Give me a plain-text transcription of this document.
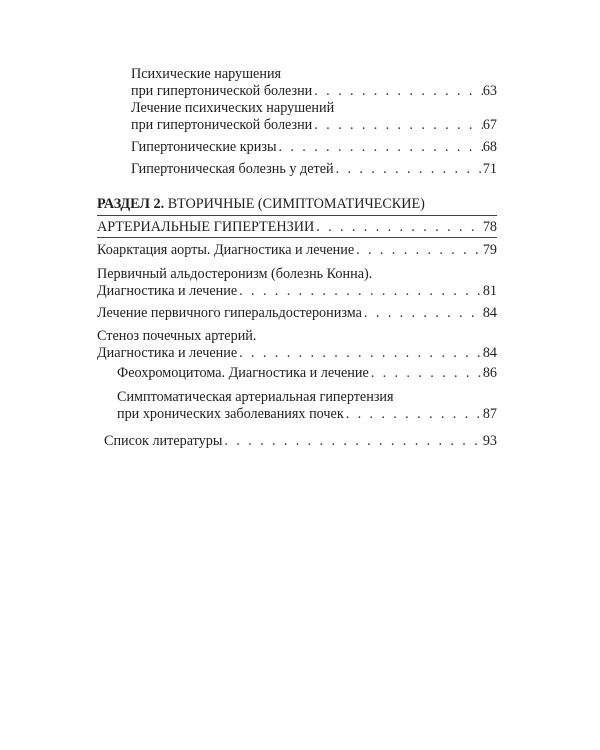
Психические нарушения
при гипертонической болезни . . .	63
Лечение психических нарушений
при гипертонической болезни . . .	67
Гипертонические кризы . . .	68
Гипертоническая болезнь у детей . . .	71
РАЗДЕЛ 2. ВТОРИЧНЫЕ (СИМПТОМАТИЧЕСКИЕ)
АРТЕРИАЛЬНЫЕ ГИПЕРТЕНЗИИ . . .	78
Коарктация аорты. Диагностика и лечение . . .	79
Первичный альдостеронизм (болезнь Конна).
Диагностика и лечение . . .	81
Лечение первичного гиперальдостеронизма . . .	84
Стеноз почечных артерий.
Диагностика и лечение . . .	84
Феохромоцитома. Диагностика и лечение . . .	86
Симптоматическая артериальная гипертензия
при хронических заболеваниях почек . . .	87
Список литературы . . .	93
